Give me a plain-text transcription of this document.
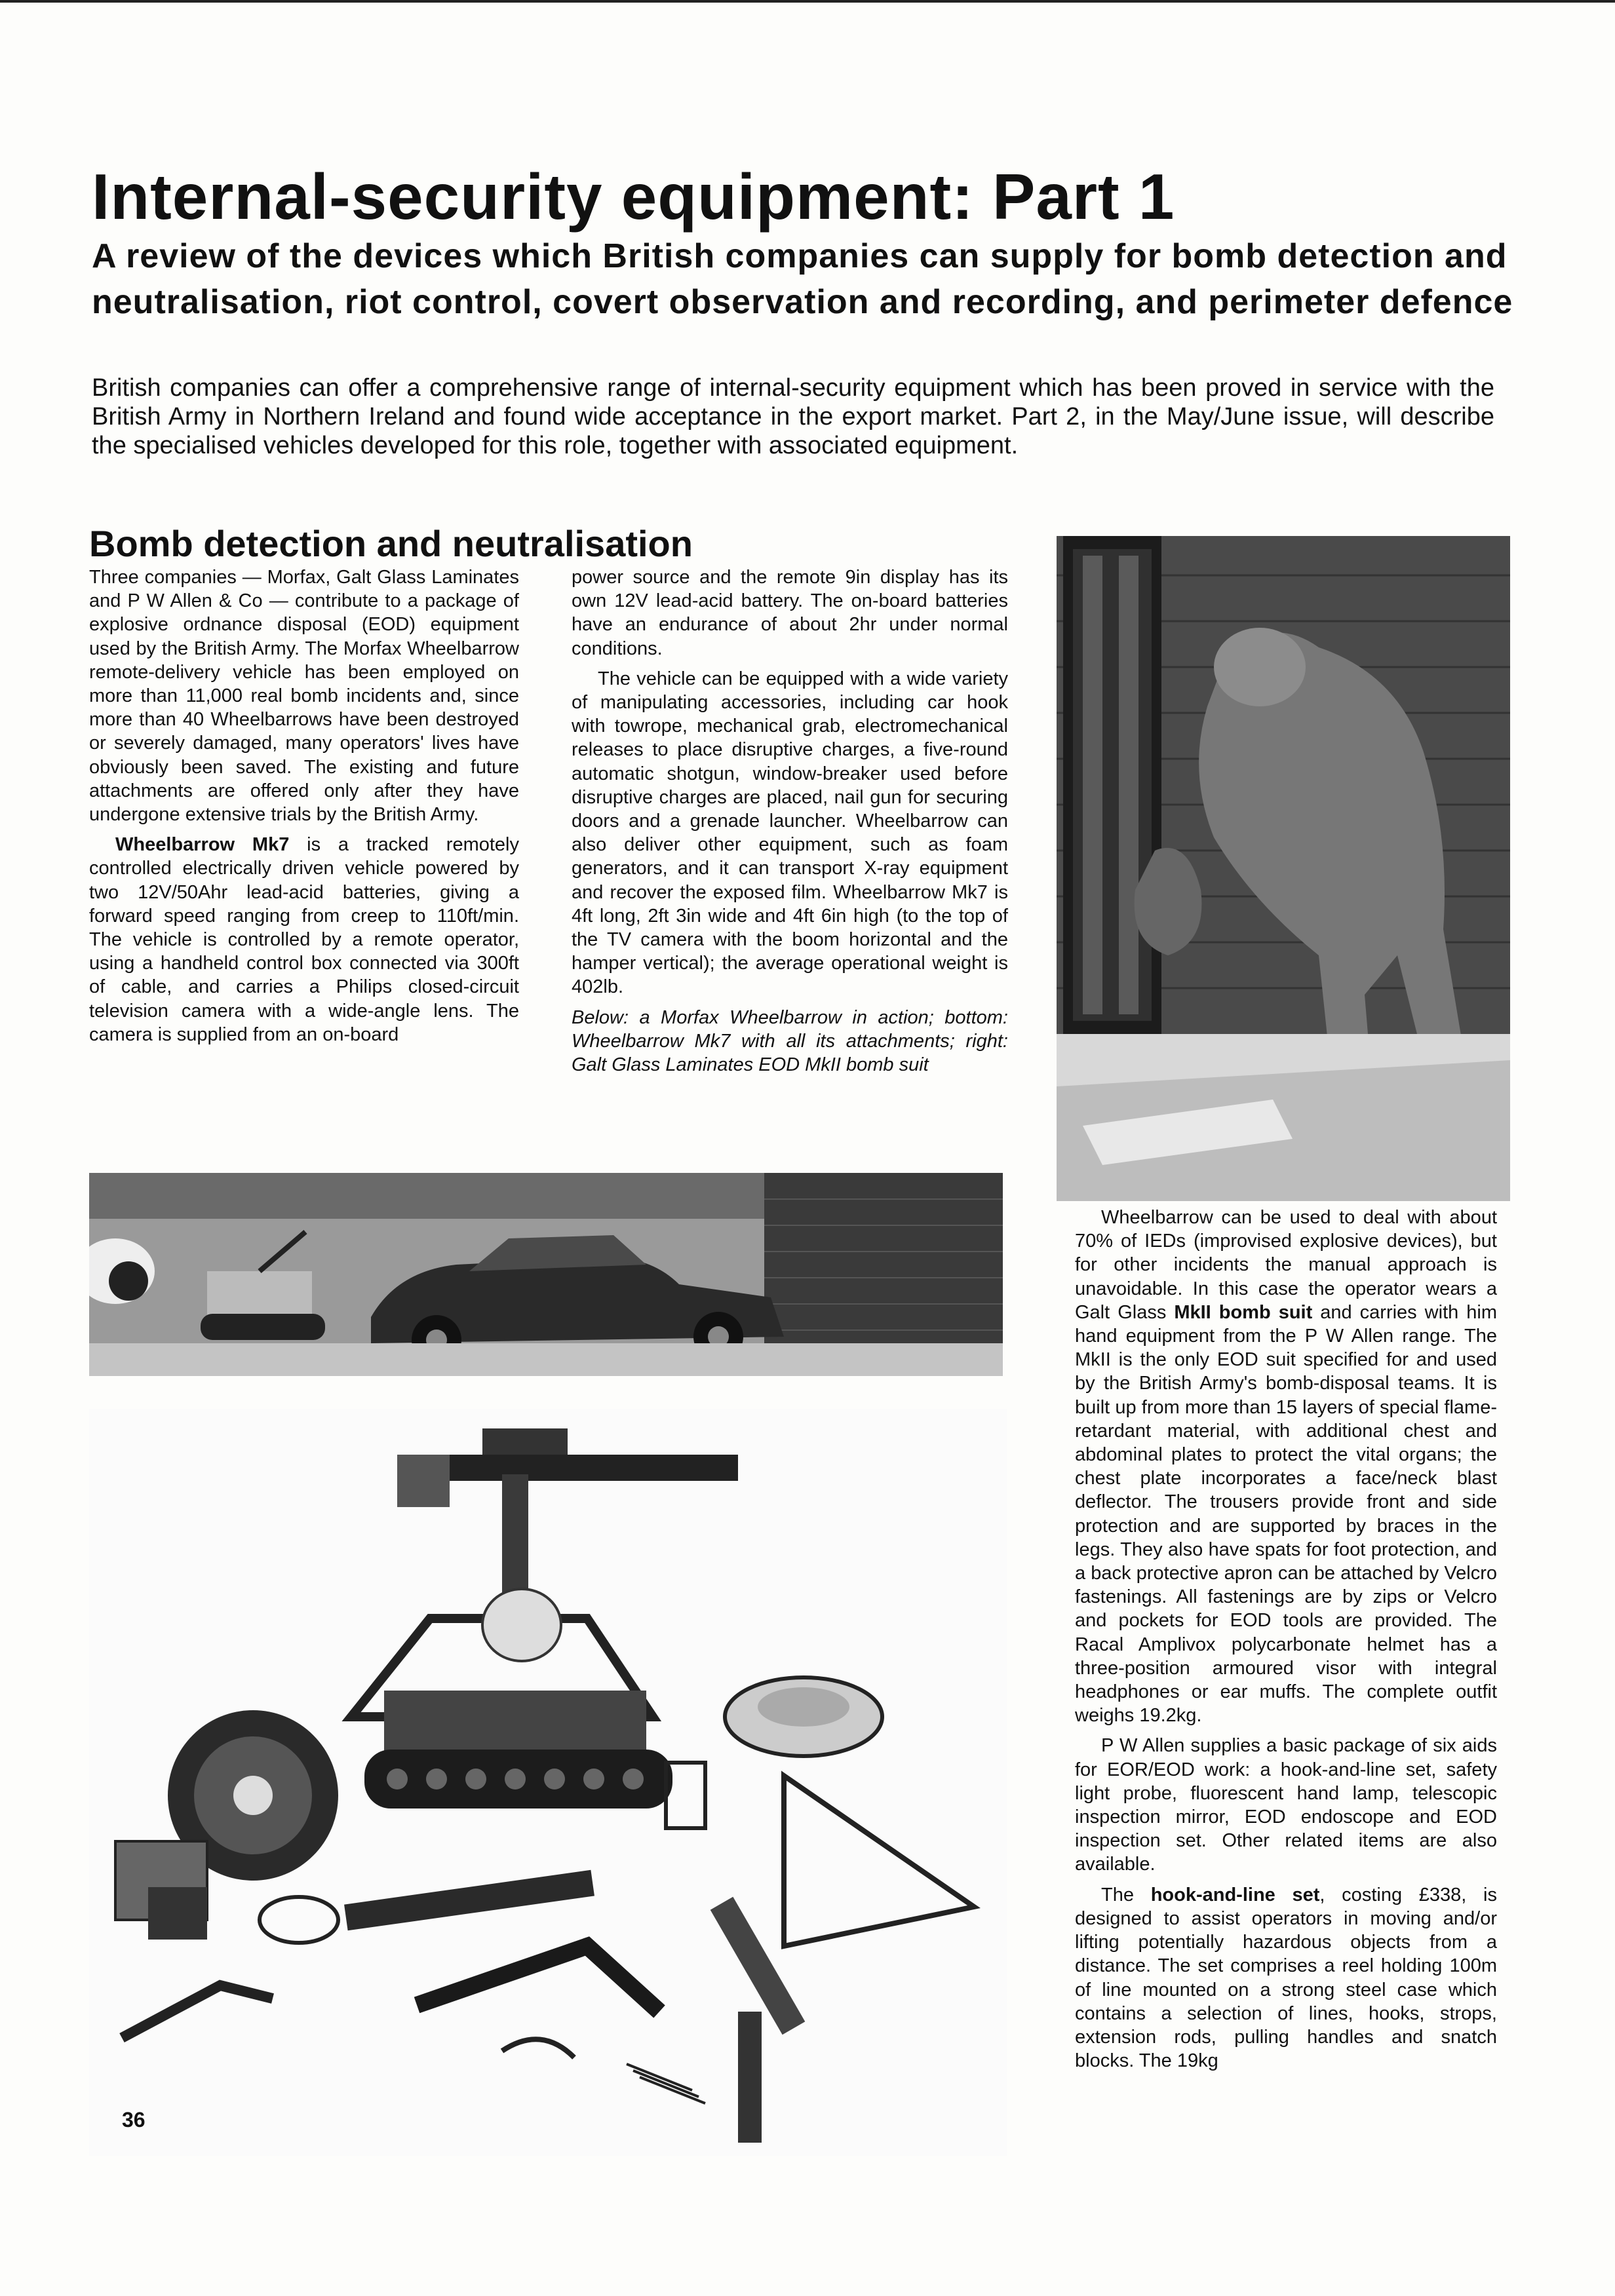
Internal-security equipment: Part 1
A review of the devices which British companies can supply for bomb detection and neutralisation, riot control, covert observation and recording, and perimeter defence

British companies can offer a comprehensive range of internal-security equipment which has been proved in service with the British Army in Northern Ireland and found wide acceptance in the export market. Part 2, in the May/June issue, will describe the specialised vehicles developed for this role, together with associated equipment.

Bomb detection and neutralisation

Three companies — Morfax, Galt Glass Laminates and P W Allen & Co — contribute to a package of explosive ordnance disposal (EOD) equipment used by the British Army. The Morfax Wheelbarrow remote-delivery vehicle has been employed on more than 11,000 real bomb incidents and, since more than 40 Wheelbarrows have been destroyed or severely damaged, many operators' lives have obviously been saved. The existing and future attachments are offered only after they have undergone extensive trials by the British Army.

Wheelbarrow Mk7 is a tracked remotely controlled electrically driven vehicle powered by two 12V/50Ahr lead-acid batteries, giving a forward speed ranging from creep to 110ft/min. The vehicle is controlled by a remote operator, using a handheld control box connected via 300ft of cable, and carries a Philips closed-circuit television camera with a wide-angle lens. The camera is supplied from an on-board

power source and the remote 9in display has its own 12V lead-acid battery. The on-board batteries have an endurance of about 2hr under normal conditions.

The vehicle can be equipped with a wide variety of manipulating accessories, including car hook with towrope, mechanical grab, electromechanical releases to place disruptive charges, a five-round automatic shotgun, window-breaker used before disruptive charges are placed, nail gun for securing doors and a grenade launcher. Wheelbarrow can also deliver other equipment, such as foam generators, and it can transport X-ray equipment and recover the exposed film. Wheelbarrow Mk7 is 4ft long, 2ft 3in wide and 4ft 6in high (to the top of the TV camera with the boom horizontal and the hamper vertical); the average operational weight is 402lb.

Below: a Morfax Wheelbarrow in action; bottom: Wheelbarrow Mk7 with all its attachments; right: Galt Glass Laminates EOD MkII bomb suit

Wheelbarrow can be used to deal with about 70% of IEDs (improvised explosive devices), but for other incidents the manual approach is unavoidable. In this case the operator wears a Galt Glass MkII bomb suit and carries with him hand equipment from the P W Allen range. The MkII is the only EOD suit specified for and used by the British Army's bomb-disposal teams. It is built up from more than 15 layers of special flame-retardant material, with additional chest and abdominal plates to protect the vital organs; the chest plate incorporates a face/neck blast deflector. The trousers provide front and side protection and are supported by braces in the legs. They also have spats for foot protection, and a back protective apron can be attached by Velcro fastenings. All fastenings are by zips or Velcro and pockets for EOD tools are provided. The Racal Amplivox polycarbonate helmet has a three-position armoured visor with integral headphones or ear muffs. The complete outfit weighs 19.2kg.

P W Allen supplies a basic package of six aids for EOR/EOD work: a hook-and-line set, safety light probe, fluorescent hand lamp, telescopic inspection mirror, EOD endoscope and EOD inspection set. Other related items are also available.

The hook-and-line set, costing £338, is designed to assist operators in moving and/or lifting potentially hazardous objects from a distance. The set comprises a reel holding 100m of line mounted on a strong steel case which contains a selection of lines, hooks, strops, extension rods, pulling handles and snatch blocks. The 19kg

36
